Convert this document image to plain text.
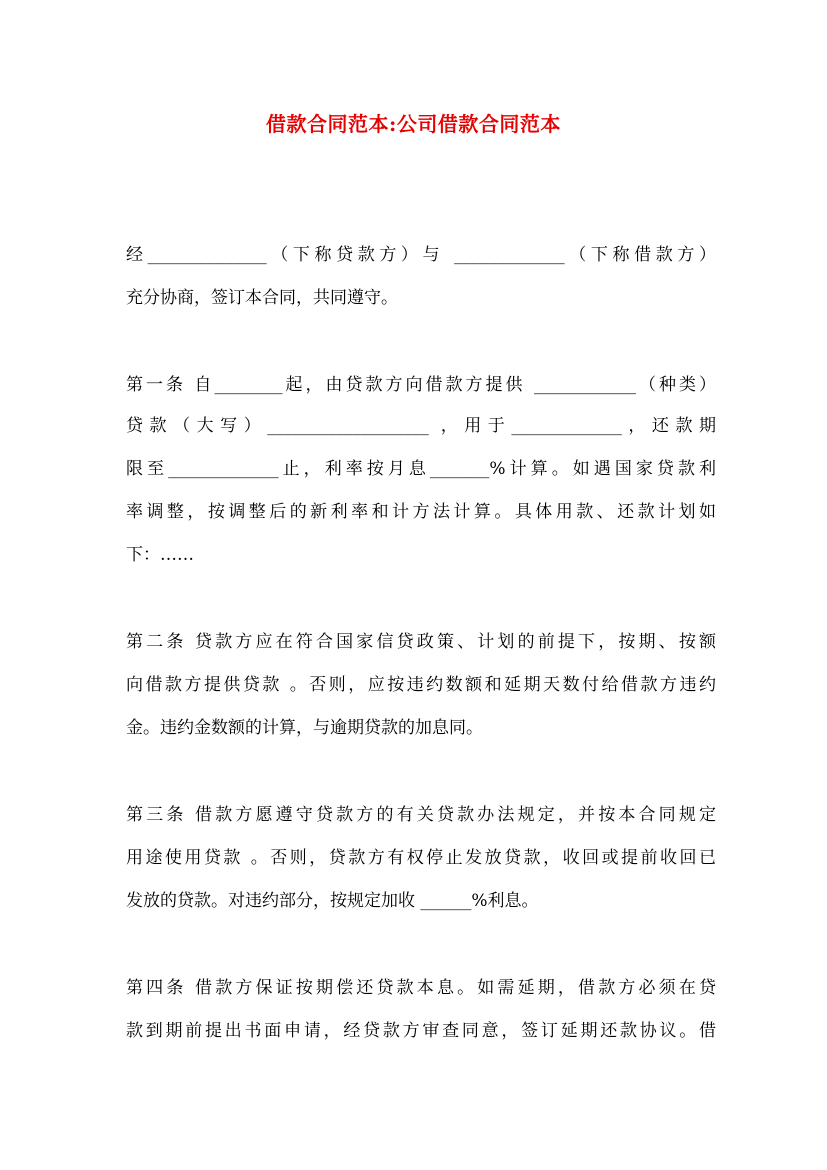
借款合同范本:公司借款合同范本
经______________（下称贷款方）与 _____________（下称借款方）
充分协商，签订本合同，共同遵守。
第一条 自________起，由贷款方向借款方提供 ____________（种类）
贷款（大写）___________________ ，用于_____________，还款期
限至_____________止，利率按月息_______%计算。如遇国家贷款利
率调整，按调整后的新利率和计方法计算。具体用款、还款计划如
下：……
第二条 贷款方应在符合国家信贷政策、计划的前提下，按期、按额
向借款方提供贷款 。否则，应按违约数额和延期天数付给借款方违约
金。违约金数额的计算，与逾期贷款的加息同。
第三条 借款方愿遵守贷款方的有关贷款办法规定，并按本合同规定
用途使用贷款 。否则，贷款方有权停止发放贷款，收回或提前收回已
发放的贷款。对违约部分，按规定加收 ______%利息。
第四条 借款方保证按期偿还贷款本息。如需延期，借款方必须在贷
款到期前提出书面申请，经贷款方审查同意，签订延期还款协议。借
